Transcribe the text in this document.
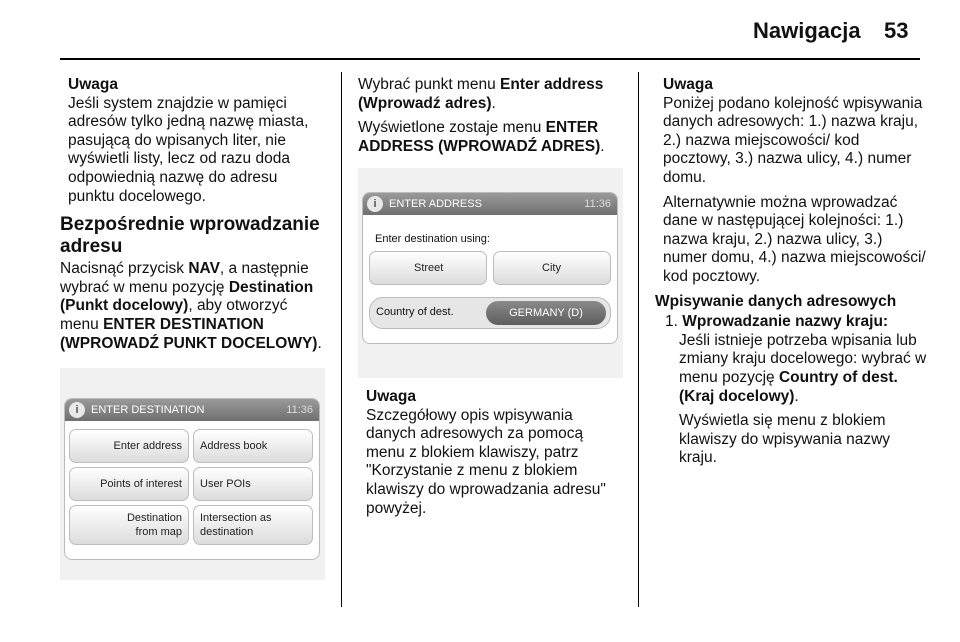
Nawigacja 53
Uwaga
Jeśli system znajdzie w pamięci adresów tylko jedną nazwę miasta, pasującą do wpisanych liter, nie wyświetli listy, lecz od razu doda odpowiednią nazwę do adresu punktu docelowego.
Bezpośrednie wprowadzanie adresu
Nacisnąć przycisk NAV, a następnie wybrać w menu pozycję Destination (Punkt docelowy), aby otworzyć menu ENTER DESTINATION (WPROWADŹ PUNKT DOCELOWY).
i	ENTER DESTINATION	11:36
Enter address Address book
Points of interest User POIs
Destination
from map
Intersection as
destination

Wybrać punkt menu Enter address (Wprowadź adres).

Wyświetlone zostaje menu ENTER ADDRESS (WPROWADŹ ADRES).

i	ENTER ADDRESS	11:36
Enter destination using:
Street	City
Country of dest.	GERMANY (D)
Uwaga
Szczegółowy opis wpisywania danych adresowych za pomocą menu z blokiem klawiszy, patrz "Korzystanie z menu z blokiem klawiszy do wprowadzania adresu" powyżej.
Uwaga

Poniżej podano kolejność wpisywania danych adresowych: 1.) nazwa kraju, 2.) nazwa miejscowości/ kod pocztowy, 3.) nazwa ulicy, 4.) numer domu.

Alternatywnie można wprowadzać dane w następującej kolejności: 1.) nazwa kraju, 2.) nazwa ulicy, 3.) numer domu, 4.) nazwa miejscowości/ kod pocztowy.

Wpisywanie danych adresowych
1. Wprowadzanie nazwy kraju:

Jeśli istnieje potrzeba wpisania lub zmiany kraju docelowego: wybrać w menu pozycję Country of dest. (Kraj docelowy).

Wyświetla się menu z blokiem klawiszy do wpisywania nazwy kraju.
